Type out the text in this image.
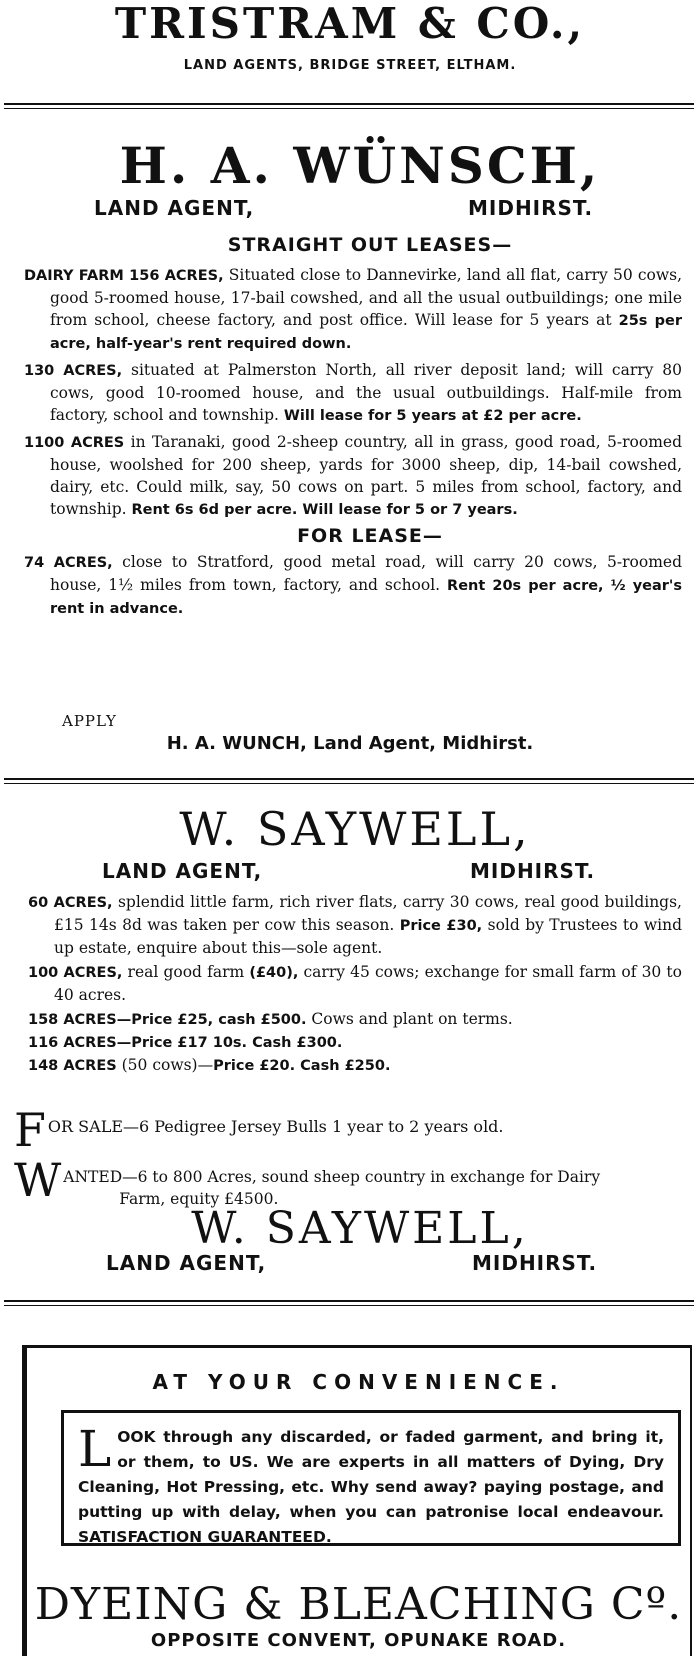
TRISTRAM & CO.,
LAND AGENTS, BRIDGE STREET, ELTHAM.
H. A. WÜNSCH,
LAND AGENT,	MIDHIRST.
STRAIGHT OUT LEASES—

DAIRY FARM 156 ACRES, Situated close to Dannevirke, land all flat, carry 50 cows, good 5-roomed house, 17-bail cowshed, and all the usual outbuildings; one mile from school, cheese factory, and post office. Will lease for 5 years at 25s per acre, half-year's rent required down.

130 ACRES, situated at Palmerston North, all river deposit land; will carry 80 cows, good 10-roomed house, and the usual outbuildings. Half-mile from factory, school and township. Will lease for 5 years at £2 per acre.

1100 ACRES in Taranaki, good 2-sheep country, all in grass, good road, 5-roomed house, woolshed for 200 sheep, yards for 3000 sheep, dip, 14-bail cowshed, dairy, etc. Could milk, say, 50 cows on part. 5 miles from school, factory, and township. Rent 6s 6d per acre. Will lease for 5 or 7 years.

FOR LEASE—

74 ACRES, close to Stratford, good metal road, will carry 20 cows, 5-roomed house, 1½ miles from town, factory, and school. Rent 20s per acre, ½ year's rent in advance.

APPLY
H. A. WUNCH, Land Agent, Midhirst.
W. SAYWELL,
LAND AGENT,	MIDHIRST.

60 ACRES, splendid little farm, rich river flats, carry 30 cows, real good buildings, £15 14s 8d was taken per cow this season. Price £30, sold by Trustees to wind up estate, enquire about this—sole agent.

100 ACRES, real good farm (£40), carry 45 cows; exchange for small farm of 30 to 40 acres.

158 ACRES—Price £25, cash £500. Cows and plant on terms.

116 ACRES—Price £17 10s. Cash £300.

148 ACRES (50 cows)—Price £20. Cash £250.

F OR SALE—6 Pedigree Jersey Bulls 1 year to 2 years old.
W ANTED—6 to 800 Acres, sound sheep country in exchange for Dairy
Farm, equity £4500.
W. SAYWELL,
LAND AGENT,	MIDHIRST.
AT YOUR CONVENIENCE.
LOOK through any discarded, or faded garment, and bring it, or them, to US. We are experts in all matters of Dying, Dry Cleaning, Hot Pressing, etc. Why send away? paying postage, and putting up with delay, when you can patronise local endeavour. SATISFACTION GUARANTEED.
DYEING & BLEACHING Cº.
OPPOSITE CONVENT, OPUNAKE ROAD.
